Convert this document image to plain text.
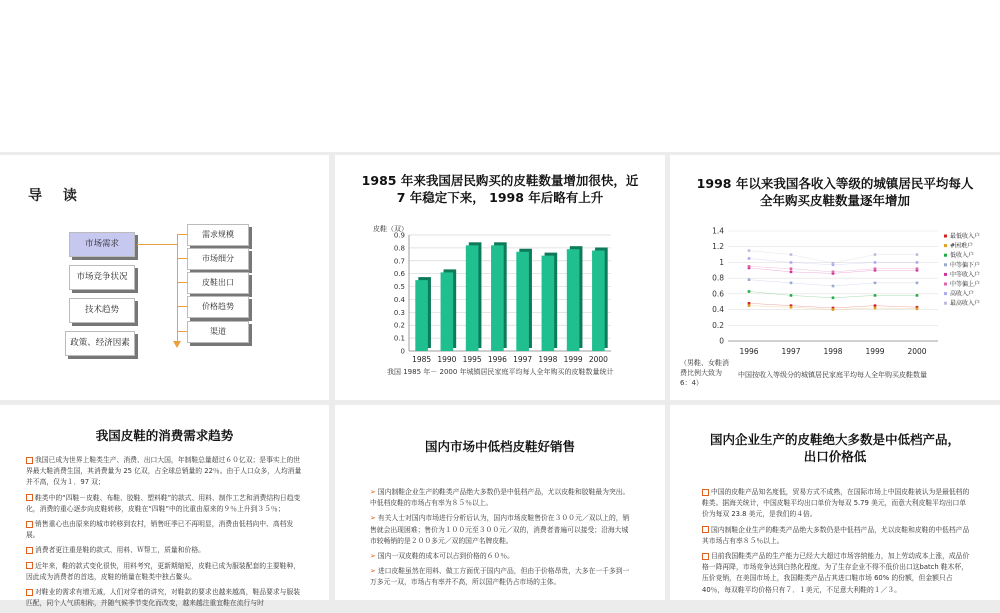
导 读
市场需求
市场竞争状况
技术趋势
政策、经济因素
需求规模
市场细分
皮鞋出口
价格趋势
渠道
1985 年来我国居民购买的皮鞋数量增加很快，近
7 年稳定下来， 1998 年后略有上升
皮鞋（双）
0
0.1
0.2
0.3
0.4
0.5
0.6
0.7
0.8
0.9
1985 1990 1995 1996 1997 1998 1999 2000
我国 1985 年－ 2000 年城镇居民家庭平均每人全年购买的皮鞋数量统计
1998 年以来我国各收入等级的城镇居民平均每人
全年购买皮鞋数量逐年增加
0
0.2
0.4
0.6
0.8
1
1.2
1.4
1996	1997	1998	1999	2000
最低收入户
#困难户
低收入户
中等偏下户
中等收入户
中等偏上户
高收入户
最高收入户
（男鞋、女鞋消费比例大致为 6：4）
中国按收入等级分的城镇居民家庭平均每人全年购买皮鞋数量
我国皮鞋的消费需求趋势

我国已成为世界上鞋类生产、消费、出口大国，年制鞋总量超过６０亿双；是事实上的世界最大鞋消费生国，其消费量为 25 亿双，占全球总销量的 22％。由于人口众多，人均消量并不高，仅为１．97 双；

鞋类中的“四鞋－皮鞋、布鞋、胶鞋、塑料鞋”的款式、用料、制作工艺和消费结构日趋变化，消费的重心逐步向皮鞋转移，皮鞋在“四鞋”中的比重由原来的９％上升到３５％；

销售重心也由原来的城市转移到农村，销售旺季已不再明显，消费由低档向中、高档发展。

消费者更注重是鞋的款式、用料、Ｗ帮工，质量和价格。

近年来，鞋的款式变化很快，用料考究，更新期缩短，皮鞋已成为服装配套的主要鞋种，因此成为消费者的首选，皮鞋的销量在鞋类中独占鳌头。

对鞋业的需求有增无减，人们对穿着的讲究，对鞋款的要求也越来越高，鞋品要求与服装匹配，同个人气质相称，并随气候季节变化而改变，越来越注重宜鞋在流行与时

国内市场中低档皮鞋好销售

➢ 国内制鞋企业生产的鞋类产品绝大多数仍是中低档产品，尤以皮鞋和胶鞋最为突出。中低档皮鞋的市场占有率为８５％以上。

➢ 有关人士对国内市场进行分析后认为，国内市场皮鞋售价在３００元／双以上的，销售就会出现困难；售价为１００元至３００元／双的，消费者普遍可以接受；沿海大城市较畅销的是２００多元／双的国产名牌皮鞋。

➢ 国内一双皮鞋的成本可以占到价格的６０％。

➢ 进口皮鞋虽然在用料、做工方面优于国内产品，但由于价格昂贵，大多在一千多到一万多元一双，市场占有率并不高，所以国产鞋仍占市场的主体。

国内企业生产的皮鞋绝大多数是中低档产品，
出口价格低

中国的皮鞋产品知名度低，贸易方式不成熟，在国际市场上中国皮鞋被认为是最低档的鞋类。据海关统计，中国皮鞋平均出口单价为每双 5.79 美元，而意大利皮鞋平均出口单价为每双 23.8 美元，是我们的４倍。

国内制鞋企业生产的鞋类产品绝大多数仍是中低档产品，尤以皮鞋和皮鞋的中低档产品其市场占有率８５％以上。

目前我国鞋类产品的生产能力已经大大超过市场容纳能力，加上劳动成本上涨，成品价格一降再降，市场竞争达到白热化程度。为了生存企业不得不低价出口这batch 鞋木杯，压价竞销，在美国市场上，我国鞋类产品占其进口鞋市场 60% 的份额，但金额只占 40％，每双鞋平均价格只有７．１美元，不足意大利鞋的１／３。
